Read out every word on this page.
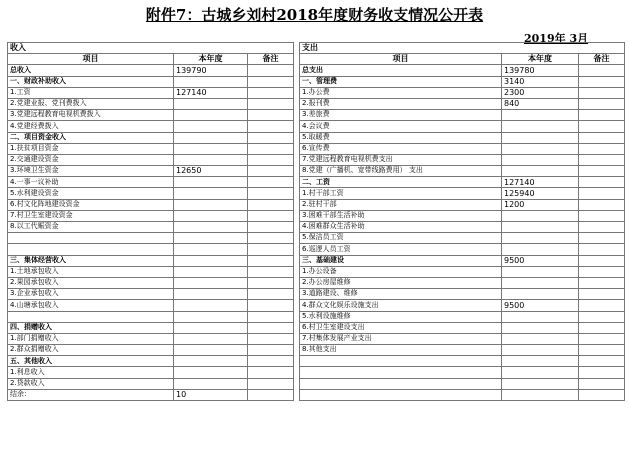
附件7：古城乡刘村2018年度财务收支情况公开表
2019年 3月
收入				支出		
项目	本年度	备注		项目	本年度	备注
总收入	139790			总支出	139780	
一、财政补助收入				一、管理费	3140	
1.工资	127140			1.办公费	2300	
2.党建业报、党刊费拨入				2.报刊费	840	
3.党建远程教育电视机费拨入				3.差旅费		
4.党建经费拨入				4.会议费		
二、项目资金收入				5.取暖费		
1.扶贫项目资金				6.宣传费		
2.交通建设资金				7.党建远程教育电视机费支出		
3.环境卫生资金	12650			8.党建（广播机、宽带线路费用） 支出		
4.一事一议补助				二、工资	127140	
5.水利建设资金				1.村干部工资	125940	
6.村文化阵地建设资金				2.驻村干部	1200	
7.村卫生室建设资金				3.困难干部生活补助		
8.以工代赈资金				4.困难群众生活补助		
				5.保洁员工资		
				6.巡逻人员工资		
三、集体经营收入				三、基础建设	9500	
1.土地承包收入				1.办公设备		
2.果园承包收入				2.办公房屋维修		
3.企业承包收入				3.道路建设、维修		
4.山塘承包收入				4.群众文化娱乐设施支出	9500	
				5.水利设施维修		
四、捐赠收入				6.村卫生室建设支出		
1.部门捐赠收入				7.村集体发展产业支出		
2.群众捐赠收入				8.其他支出		
五、其他收入						
1.利息收入						
2.贷款收入						
结余：	10					
